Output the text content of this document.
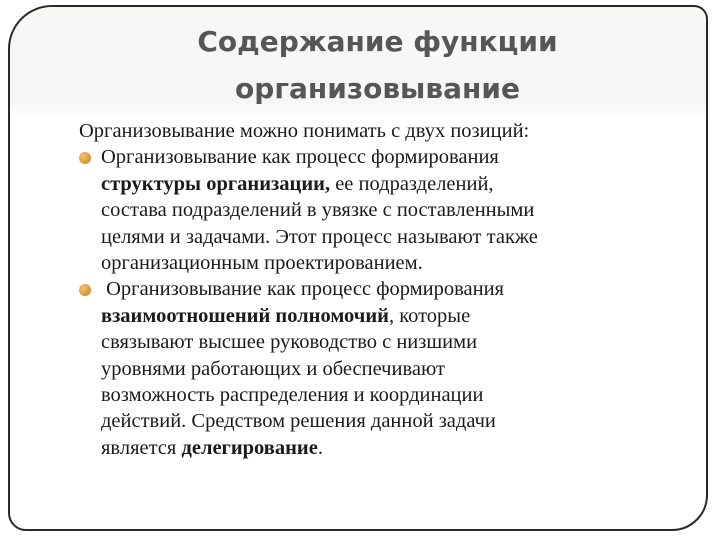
Содержание функции
организовывание

Организовывание можно понимать с двух позиций:

Организовывание как процесс формирования
структуры организации, ее подразделений,
состава подразделений в увязке с поставленными
целями и задачами. Этот процесс называют также
организационным проектированием.
Организовывание как процесс формирования
взаимоотношений полномочий, которые
связывают высшее руководство с низшими
уровнями работающих и обеспечивают
возможность распределения и координации
действий. Средством решения данной задачи
является делегирование.
